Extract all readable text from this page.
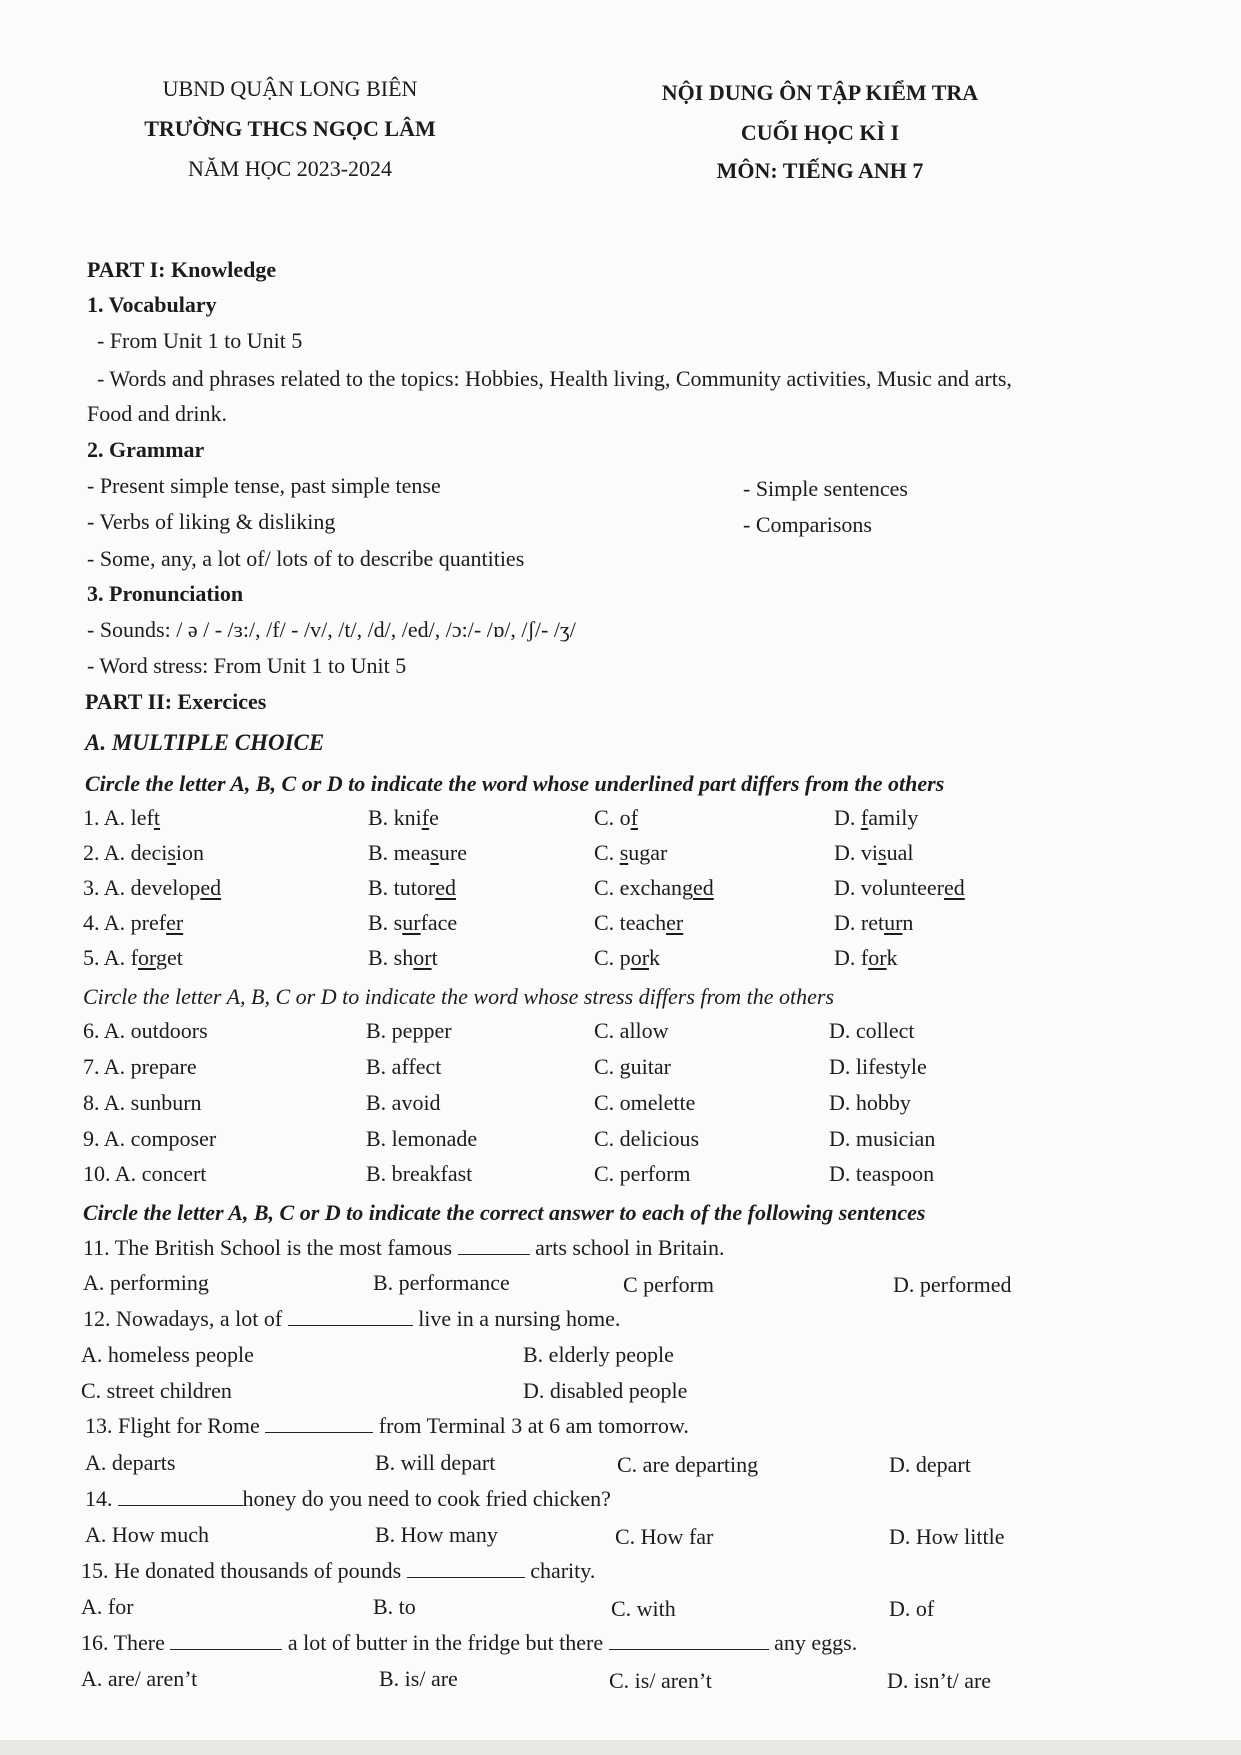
UBND QUẬN LONG BIÊN
TRƯỜNG THCS NGỌC LÂM
NĂM HỌC 2023-2024
NỘI DUNG ÔN TẬP KIỂM TRA
CUỐI HỌC KÌ I
MÔN: TIẾNG ANH 7
PART I: Knowledge
1. Vocabulary
- From Unit 1 to Unit 5
- Words and phrases related to the topics: Hobbies, Health living, Community activities, Music and arts,
Food and drink.
2. Grammar
- Present simple tense, past simple tense
- Verbs of liking & disliking
- Some, any, a lot of/ lots of to describe quantities
- Simple sentences
- Comparisons
3. Pronunciation
- Sounds: / ə / - /ɜ:/, /f/ - /v/, /t/, /d/, /ed/, /ɔ:/- /ɒ/, /ʃ/- /ʒ/
- Word stress: From Unit 1 to Unit 5
PART II: Exercices
A. MULTIPLE CHOICE
Circle the letter A, B, C or D to indicate the word whose underlined part differs from the others
1. A. left	B. knife	C. of	D. family
2. A. decision	B. measure	C. sugar	D. visual
3. A. developed	B. tutored	C. exchanged	D. volunteered
4. A. prefer	B. surface	C. teacher	D. return
5. A. forget	B. short	C. pork	D. fork
Circle the letter A, B, C or D to indicate the word whose stress differs from the others
6. A. outdoors	B. pepper	C. allow	D. collect
7. A. prepare	B. affect	C. guitar	D. lifestyle
8. A. sunburn	B. avoid	C. omelette	D. hobby
9. A. composer	B. lemonade	C. delicious	D. musician
10. A. concert	B. breakfast	C. perform	D. teaspoon
Circle the letter A, B, C or D to indicate the correct answer to each of the following sentences
11. The British School is the most famous	arts school in Britain.
A. performing	B. performance	C perform	D. performed
12. Nowadays, a lot of	live in a nursing home.
A. homeless people	B. elderly people
C. street children	D. disabled people
13. Flight for Rome	from Terminal 3 at 6 am tomorrow.
A. departs	B. will depart	C. are departing	D. depart
14.	honey do you need to cook fried chicken?
A. How much	B. How many	C. How far	D. How little
15. He donated thousands of pounds	charity.
A. for	B. to	C. with	D. of
16. There	a lot of butter in the fridge but there	any eggs.
A. are/ aren’t	B. is/ are	C. is/ aren’t	D. isn’t/ are
